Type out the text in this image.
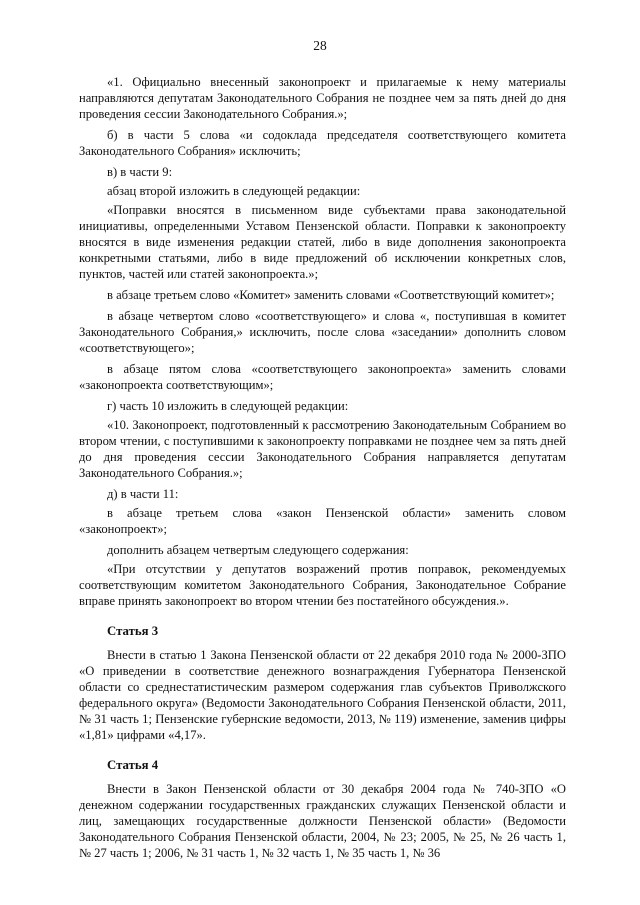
28

«1. Официально внесенный законопроект и прилагаемые к нему материалы направляются депутатам Законодательного Собрания не позднее чем за пять дней до дня проведения сессии Законодательного Собрания.»;

б) в части 5 слова «и содоклада председателя соответствующего комитета Законодательного Собрания» исключить;

в) в части 9:

абзац второй изложить в следующей редакции:

«Поправки вносятся в письменном виде субъектами права законодательной инициативы, определенными Уставом Пензенской области. Поправки к законопроекту вносятся в виде изменения редакции статей, либо в виде дополнения законопроекта конкретными статьями, либо в виде предложений об исключении конкретных слов, пунктов, частей или статей законопроекта.»;

в абзаце третьем слово «Комитет» заменить словами «Соответствующий комитет»;

в абзаце четвертом слово «соответствующего» и слова «, поступившая в комитет Законодательного Собрания,» исключить, после слова «заседании» дополнить словом «соответствующего»;

в абзаце пятом слова «соответствующего законопроекта» заменить словами «законопроекта соответствующим»;

г) часть 10 изложить в следующей редакции:

«10. Законопроект, подготовленный к рассмотрению Законодательным Собранием во втором чтении, с поступившими к законопроекту поправками не позднее чем за пять дней до дня проведения сессии Законодательного Собрания направляется депутатам Законодательного Собрания.»;

д) в части 11:

в абзаце третьем слова «закон Пензенской области» заменить словом «законопроект»;

дополнить абзацем четвертым следующего содержания:

«При отсутствии у депутатов возражений против поправок, рекомендуемых соответствующим комитетом Законодательного Собрания, Законодательное Собрание вправе принять законопроект во втором чтении без постатейного обсуждения.».

Статья 3

Внести в статью 1 Закона Пензенской области от 22 декабря 2010 года № 2000-ЗПО «О приведении в соответствие денежного вознаграждения Губернатора Пензенской области со среднестатистическим размером содержания глав субъектов Приволжского федерального округа» (Ведомости Законодательного Собрания Пензенской области, 2011, № 31 часть 1; Пензенские губернские ведомости, 2013, № 119) изменение, заменив цифры «1,81» цифрами «4,17».

Статья 4

Внести в Закон Пензенской области от 30 декабря 2004 года № 740-ЗПО «О денежном содержании государственных гражданских служащих Пензенской области и лиц, замещающих государственные должности Пензенской области» (Ведомости Законодательного Собрания Пензенской области, 2004, № 23; 2005, № 25, № 26 часть 1, № 27 часть 1; 2006, № 31 часть 1, № 32 часть 1, № 35 часть 1, № 36
